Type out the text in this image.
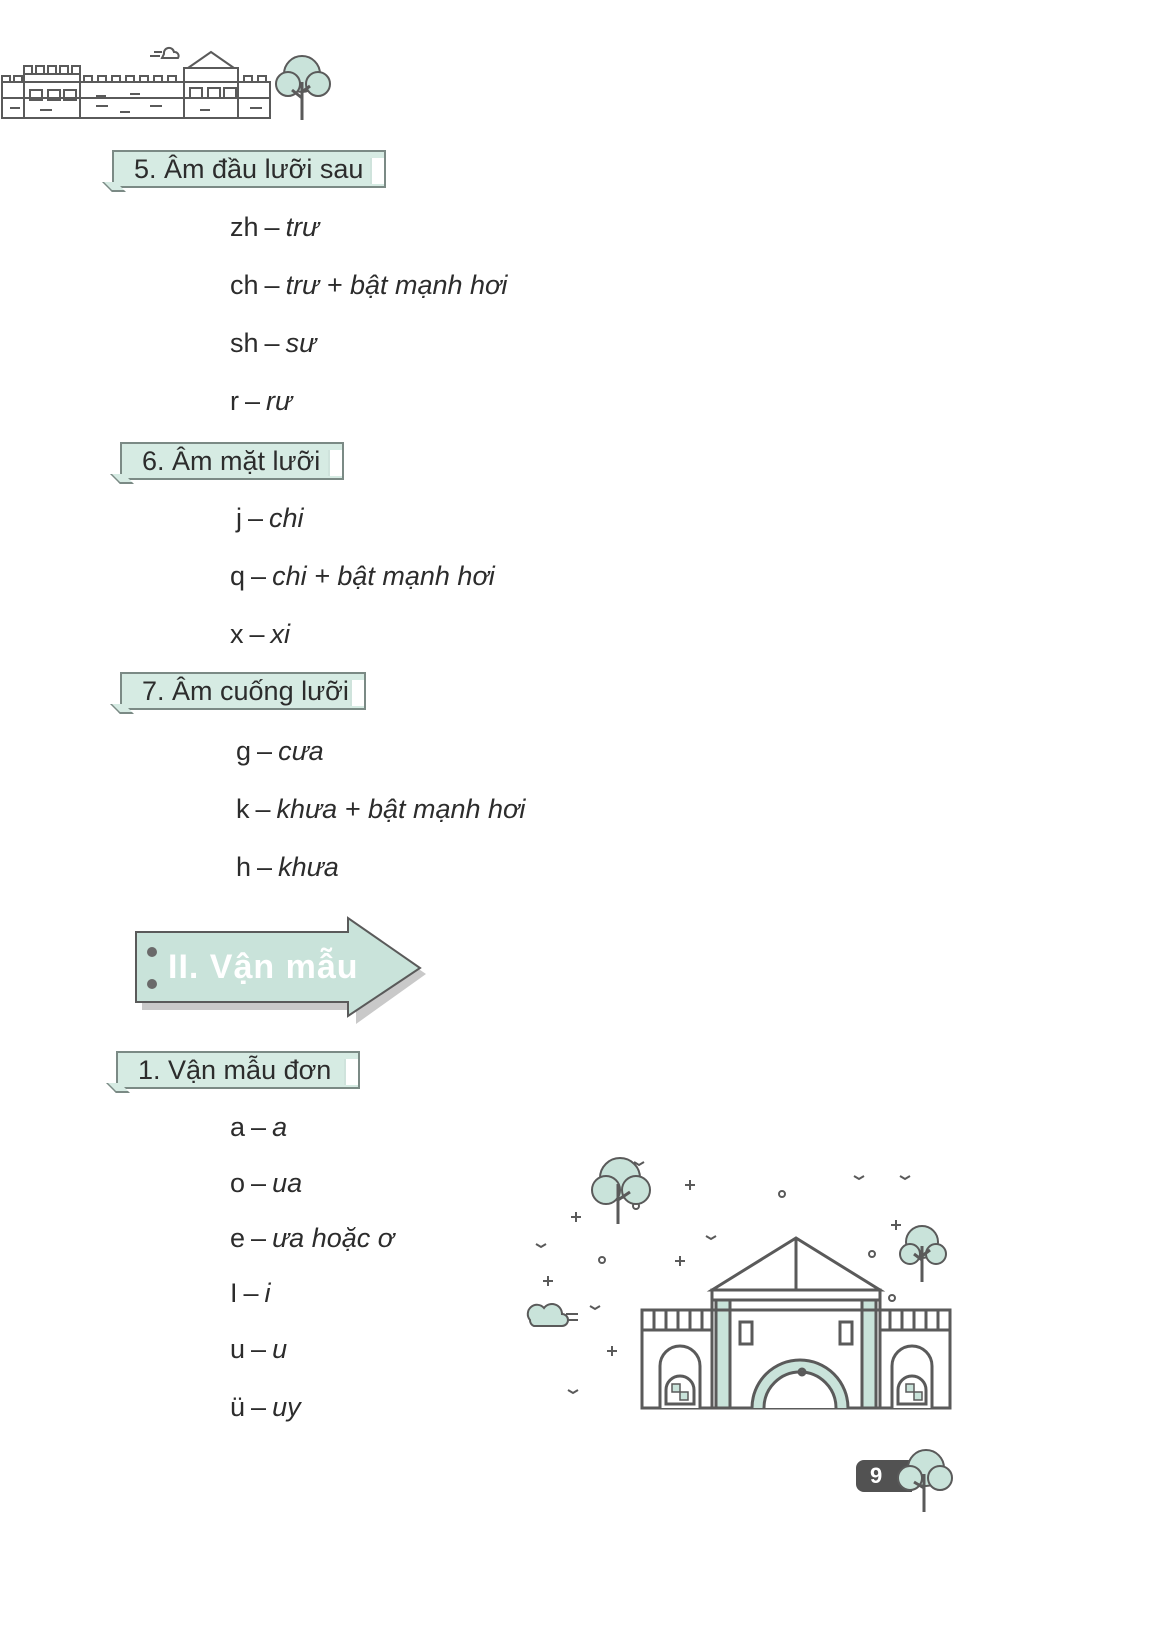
5. Âm đầu lưỡi sau
zh – trư
ch – trư + bật mạnh hơi
sh – sư
r – rư
6. Âm mặt lưỡi
j – chi
q – chi + bật mạnh hơi
x – xi
7. Âm cuống lưỡi
g – cưa
k – khưa + bật mạnh hơi
h – khưa
II. Vận mẫu
1. Vận mẫu đơn
a – a
o – ua
e – ưa hoặc ơ
I – i
u – u
ü – uy
9
